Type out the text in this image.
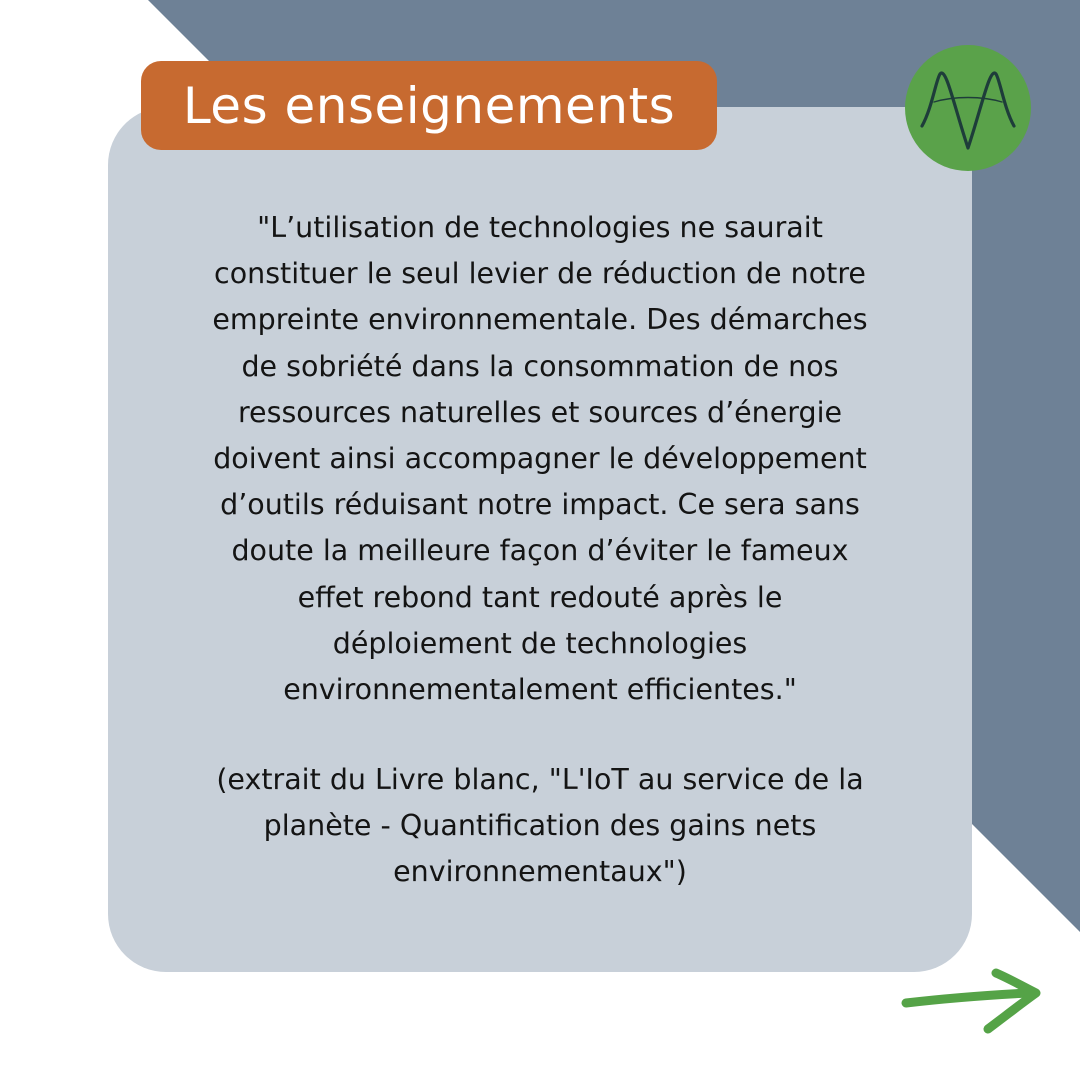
Les enseignements

"L’utilisation de technologies ne saurait
constituer le seul levier de réduction de notre
empreinte environnementale. Des démarches
de sobriété dans la consommation de nos
ressources naturelles et sources d’énergie
doivent ainsi accompagner le développement
d’outils réduisant notre impact. Ce sera sans
doute la meilleure façon d’éviter le fameux
effet rebond tant redouté après le
déploiement de technologies
environnementalement efficientes."

(extrait du Livre blanc, "L'IoT au service de la
planète - Quantification des gains nets
environnementaux")
